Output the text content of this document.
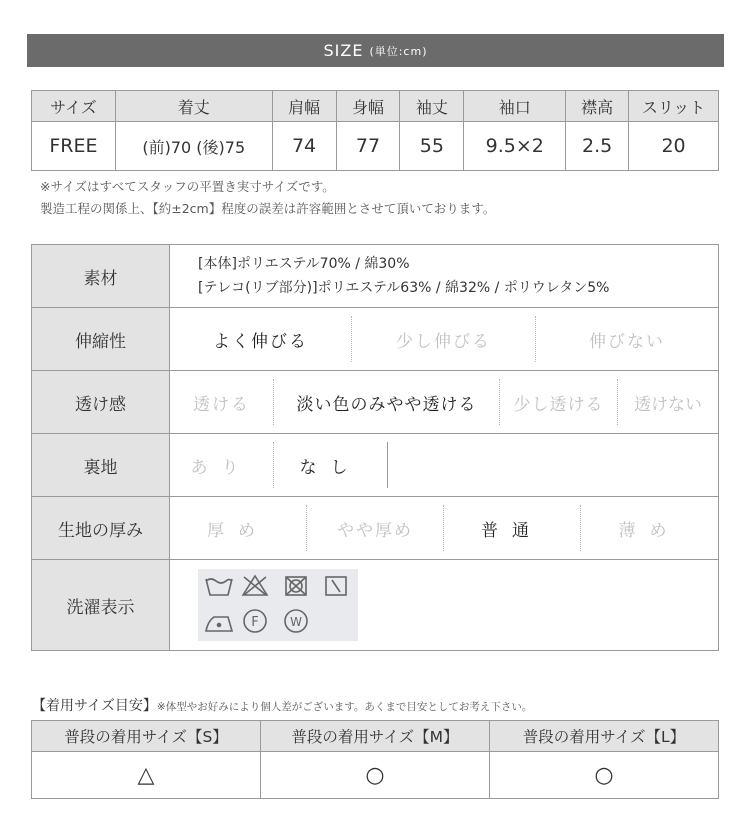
SIZE (単位:cm)
サイズ	着丈	肩幅	身幅	袖丈	袖口	襟高	スリット
FREE	(前)70 (後)75	74	77	55	9.5×2	2.5	20
※サイズはすべてスタッフの平置き実寸サイズです。
製造工程の関係上、【約±2cm】程度の誤差は許容範囲とさせて頂いております。
素材	[本体]ポリエステル70% / 綿30%
[テレコ(リブ部分)]ポリエステル63% / 綿32% / ポリウレタン5%

伸縮性	よく伸びる 少し伸びる 伸びない

透け感	透ける 淡い色のみやや透ける 少し透ける 透けない

裏地	あり なし

生地の厚み	厚め やや厚め 普通 薄め

洗濯表示	F W
【着用サイズ目安】※体型やお好みにより個人差がございます。あくまで目安としてお考え下さい。
普段の着用サイズ【S】	普段の着用サイズ【M】	普段の着用サイズ【L】
△	○	○
